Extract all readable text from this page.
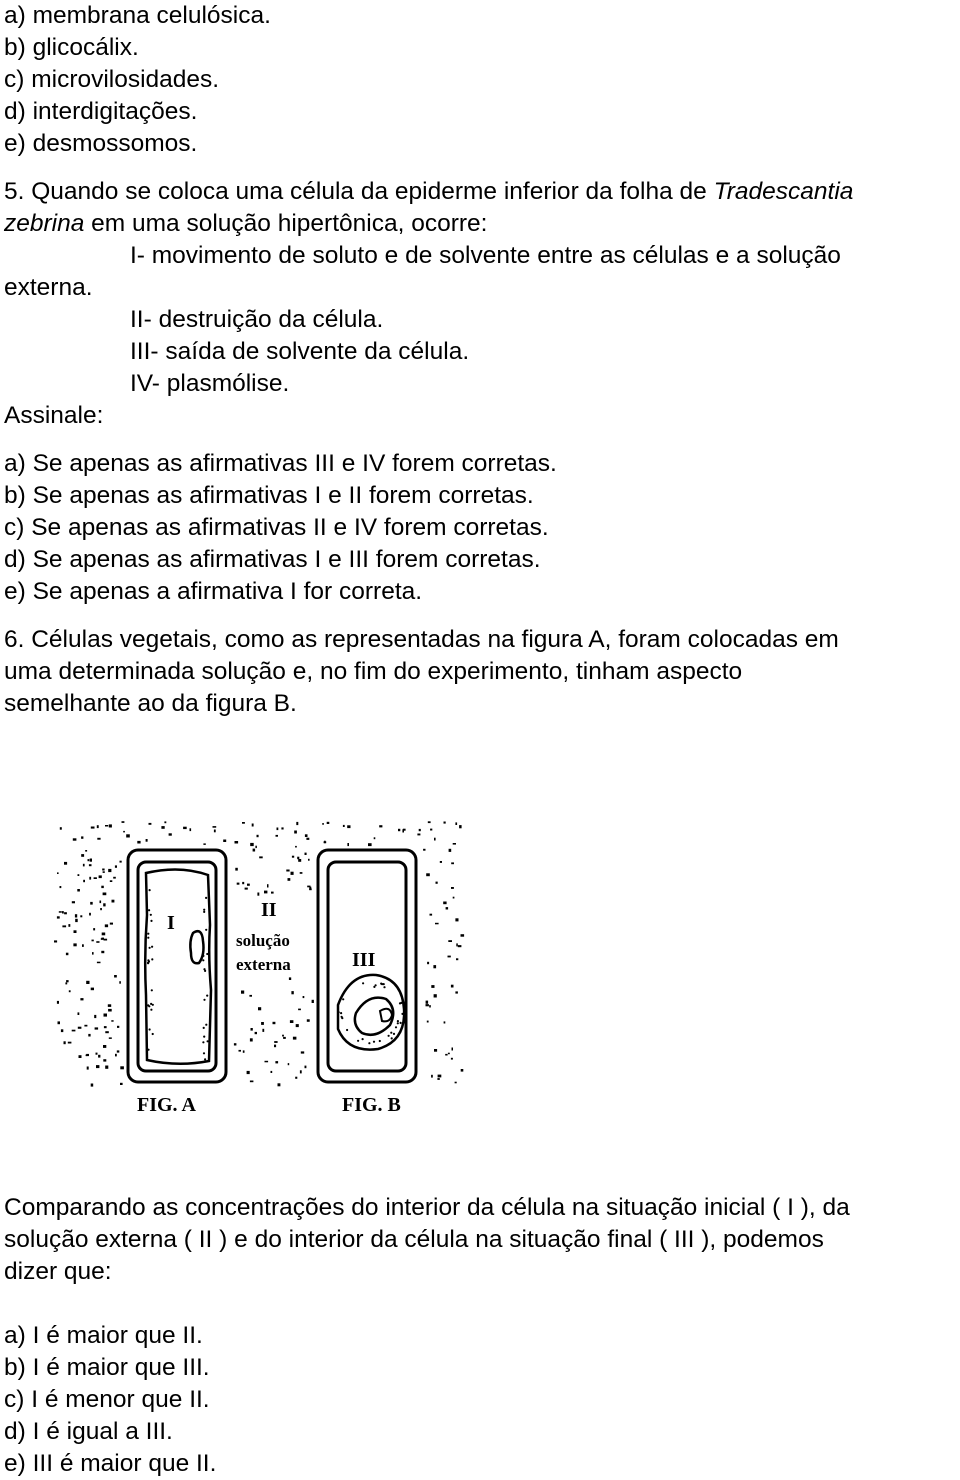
a) membrana celulósica.
b) glicocálix.
c) microvilosidades.
d) interdigitações.
e) desmossomos.
5. Quando se coloca uma célula da epiderme inferior da folha de Tradescantia
zebrina em uma solução hipertônica, ocorre:
I- movimento de soluto e de solvente entre as células e a solução
externa.
II- destruição da célula.
III- saída de solvente da célula.
IV- plasmólise.
Assinale:
a) Se apenas as afirmativas III e IV forem corretas.
b) Se apenas as afirmativas I e II forem corretas.
c) Se apenas as afirmativas II e IV forem corretas.
d) Se apenas as afirmativas I e III forem corretas.
e) Se apenas a afirmativa I for correta.
6. Células vegetais, como as representadas na figura A, foram colocadas em
uma determinada solução e, no fim do experimento, tinham aspecto
semelhante ao da figura B.
I
II
solução
externa	III
FIG. A	FIG. B
Comparando as concentrações do interior da célula na situação inicial ( I ), da
solução externa ( II ) e do interior da célula na situação final ( III ), podemos
dizer que:
a) I é maior que II.
b) I é maior que III.
c) I é menor que II.
d) I é igual a III.
e) III é maior que II.
